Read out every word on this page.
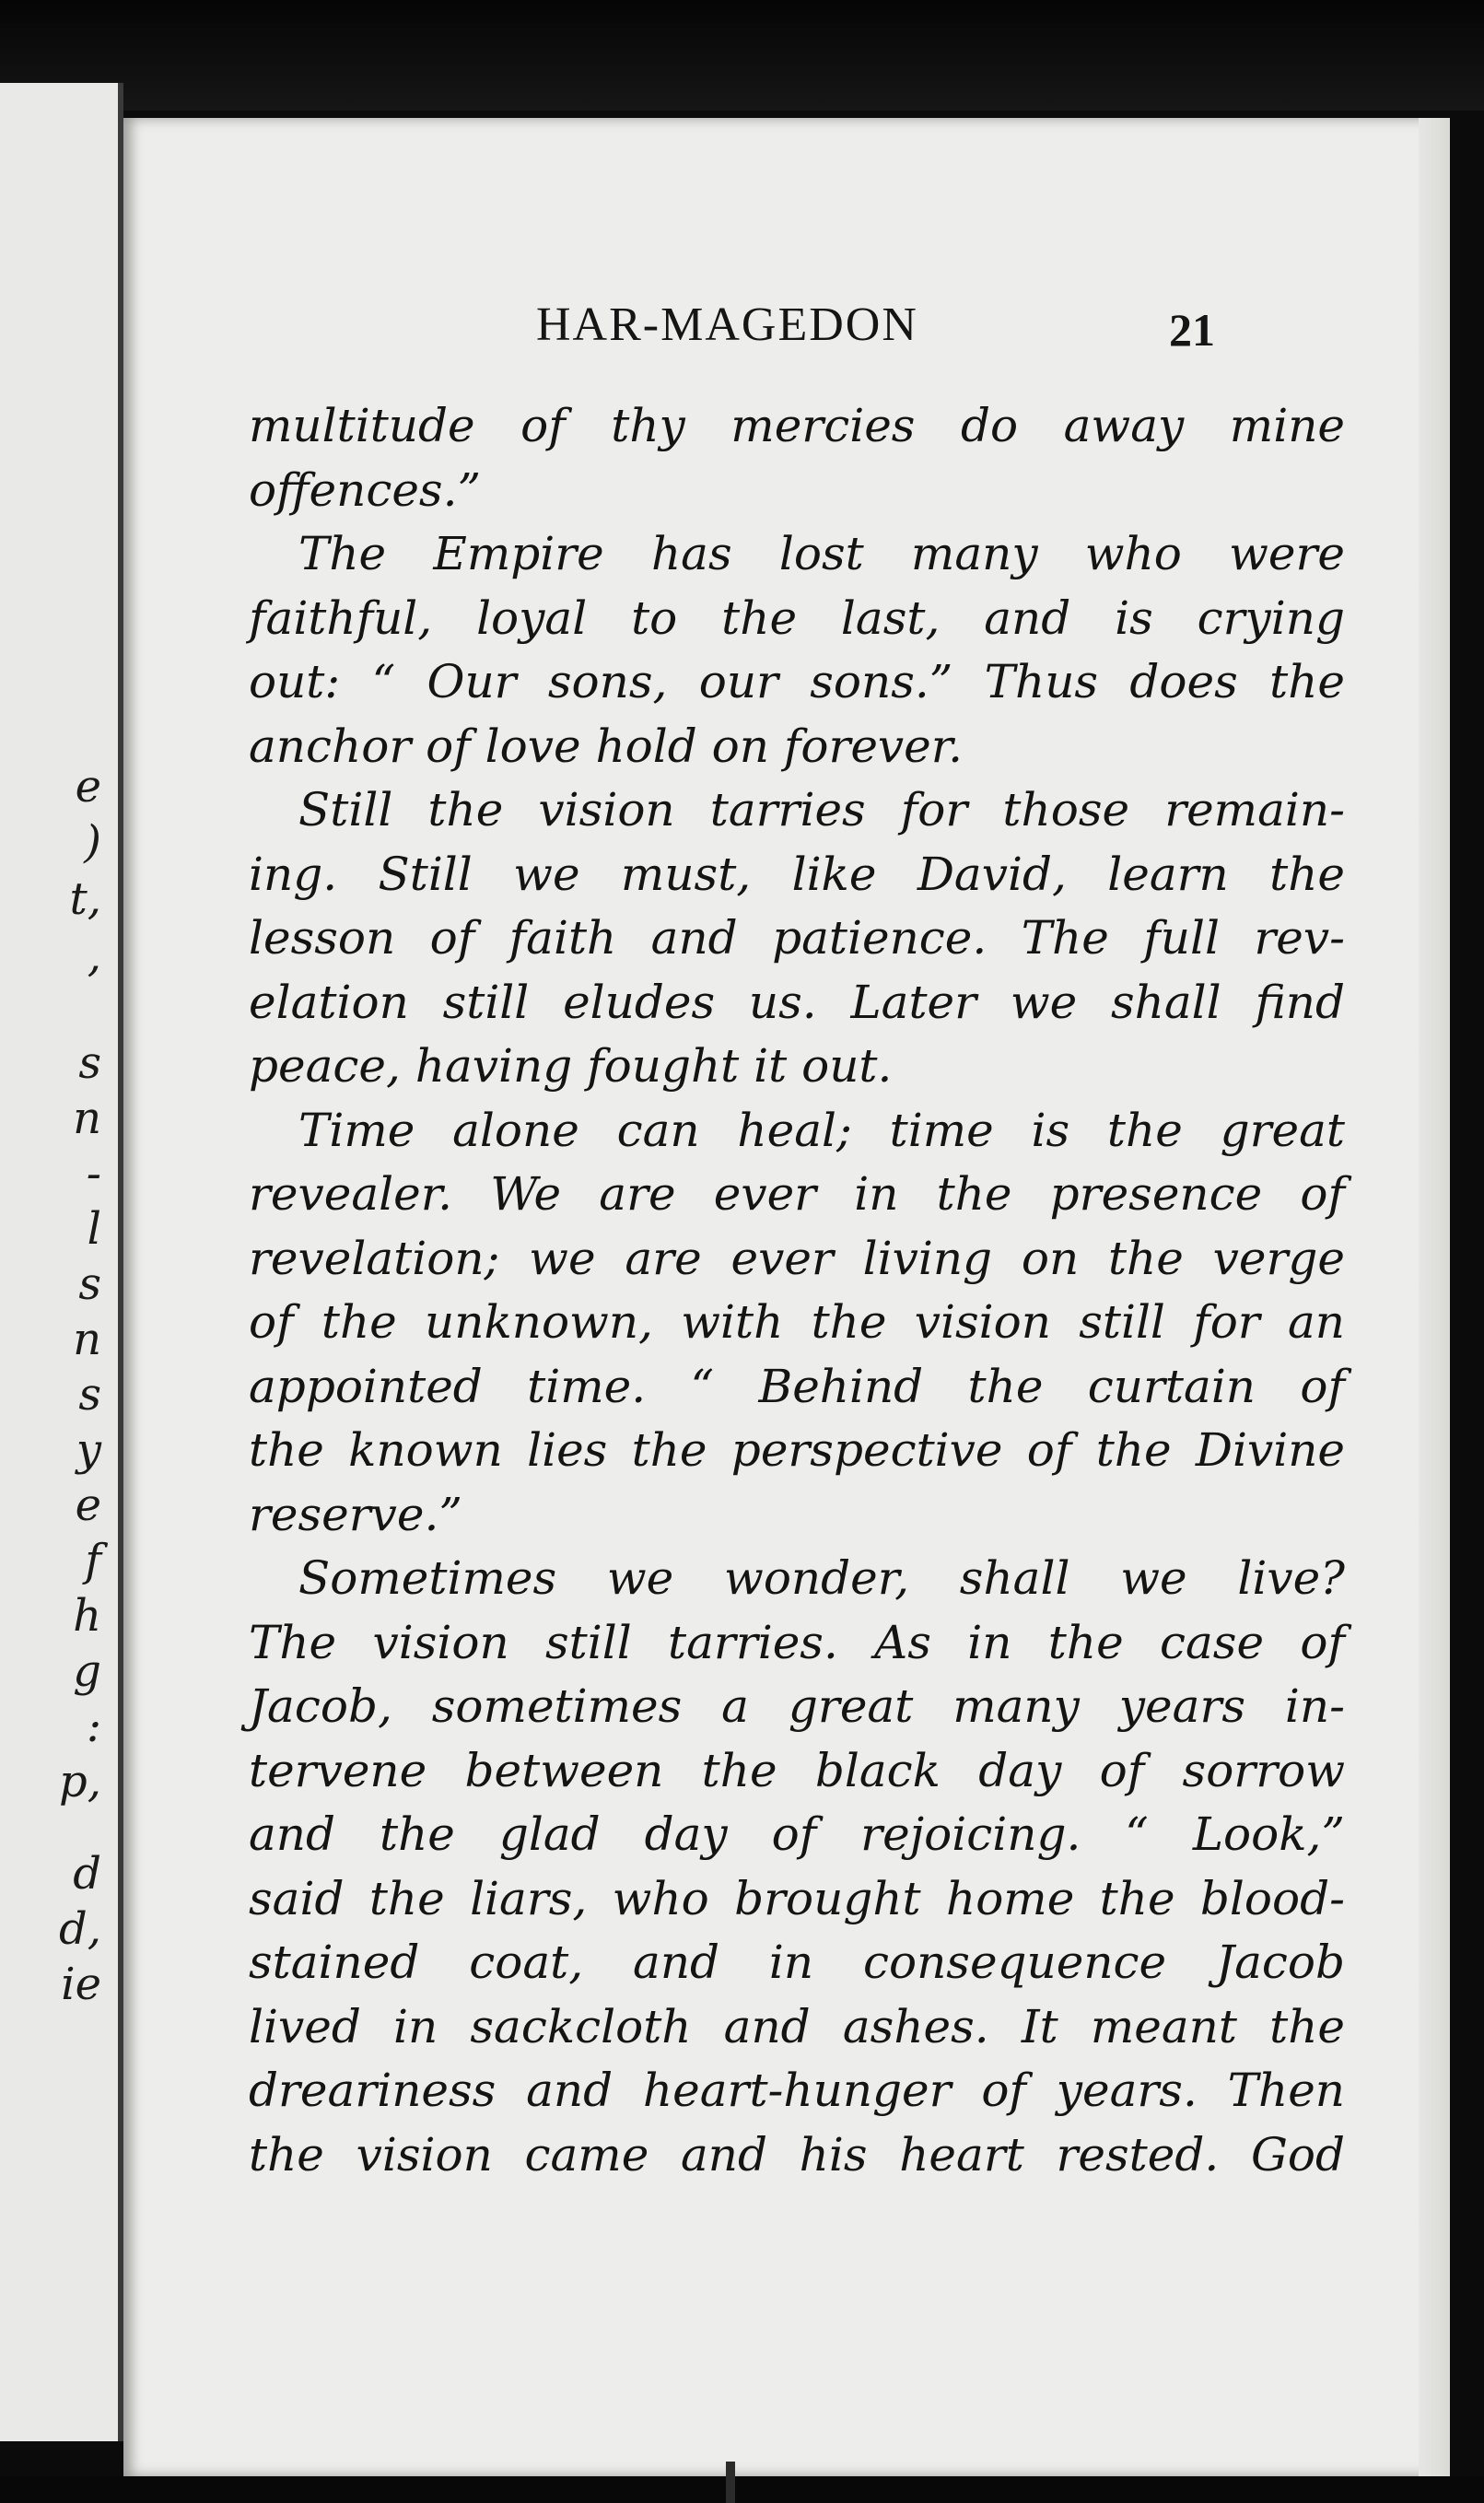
e
)
t,
,
s
n
-
l
s
n
s
y
e
f
h
g
:
p,
d
d,
ie
HAR-MAGEDON	21
multitude of thy mercies do away mine
offences.”
The Empire has lost many who were
faithful, loyal to the last, and is crying
out: “ Our sons, our sons.” Thus does the
anchor of love hold on forever.
Still the vision tarries for those remain-
ing. Still we must, like David, learn the
lesson of faith and patience. The full rev-
elation still eludes us. Later we shall find
peace, having fought it out.
Time alone can heal; time is the great
revealer. We are ever in the presence of
revelation; we are ever living on the verge
of the unknown, with the vision still for an
appointed time. “ Behind the curtain of
the known lies the perspective of the Divine
reserve.”
Sometimes we wonder, shall we live?
The vision still tarries. As in the case of
Jacob, sometimes a great many years in-
tervene between the black day of sorrow
and the glad day of rejoicing. “ Look,”
said the liars, who brought home the blood-
stained coat, and in consequence Jacob
lived in sackcloth and ashes. It meant the
dreariness and heart-hunger of years. Then
the vision came and his heart rested. God
